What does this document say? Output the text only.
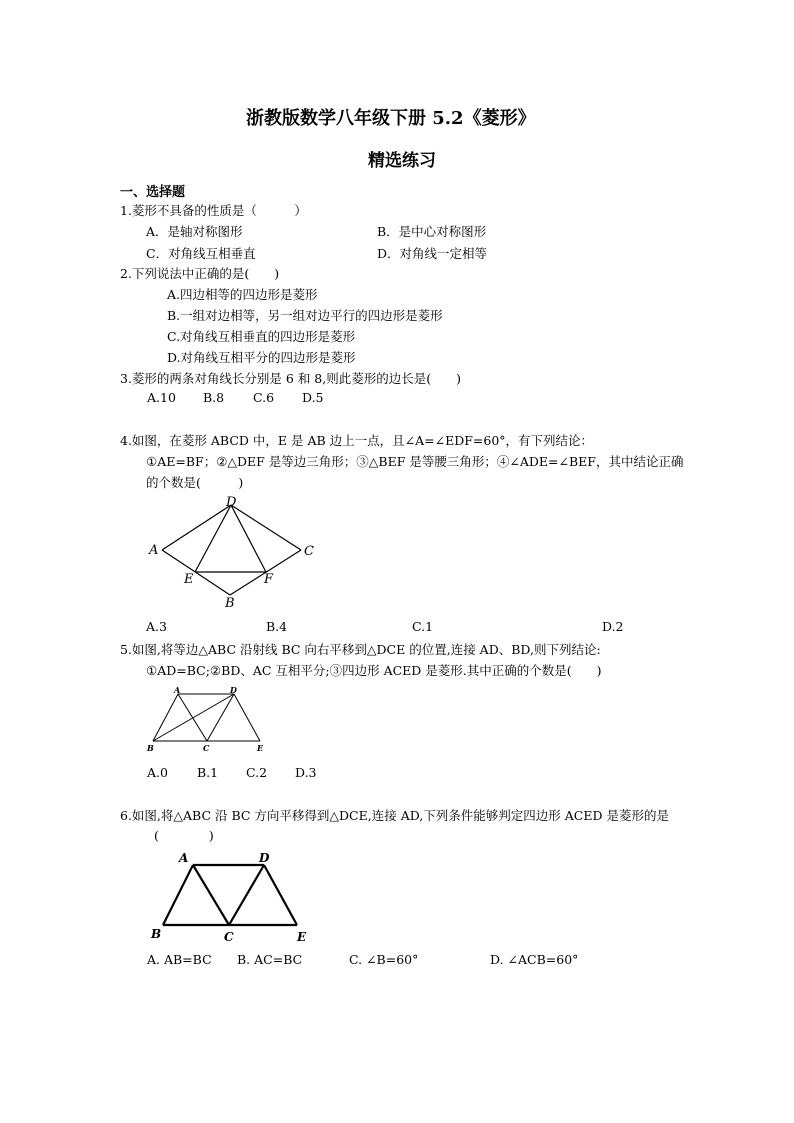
浙教版数学八年级下册 5.2《菱形》
精选练习
一、选择题
1.菱形不具备的性质是（　　　）
A．是轴对称图形	B．是中心对称图形
C．对角线互相垂直	D．对角线一定相等
2.下列说法中正确的是(　　)
A.四边相等的四边形是菱形
B.一组对边相等，另一组对边平行的四边形是菱形
C.对角线互相垂直的四边形是菱形
D.对角线互相平分的四边形是菱形
3.菱形的两条对角线长分别是 6 和 8,则此菱形的边长是(　　)
A.10 B.8 C.6 D.5
4.如图，在菱形 ABCD 中，E 是 AB 边上一点，且∠A=∠EDF=60°，有下列结论：
①AE=BF；②△DEF 是等边三角形；③△BEF 是等腰三角形；④∠ADE=∠BEF，其中结论正确
的个数是(　　　)
A
D
C
E	F
B
A.3	B.4	C.1	D.2
5.如图,将等边△ABC 沿射线 BC 向右平移到△DCE 的位置,连接 AD、BD,则下列结论:
①AD=BC;②BD、AC 互相平分;③四边形 ACED 是菱形.其中正确的个数是(　　)
A	D
B	C	E
A.0 B.1 C.2 D.3
6.如图,将△ABC 沿 BC 方向平移得到△DCE,连接 AD,下列条件能够判定四边形 ACED 是菱形的是
(　　　　)
A	D
B	C	E
A. AB=BC B. AC=BC	C. ∠B=60°	D. ∠ACB=60°
